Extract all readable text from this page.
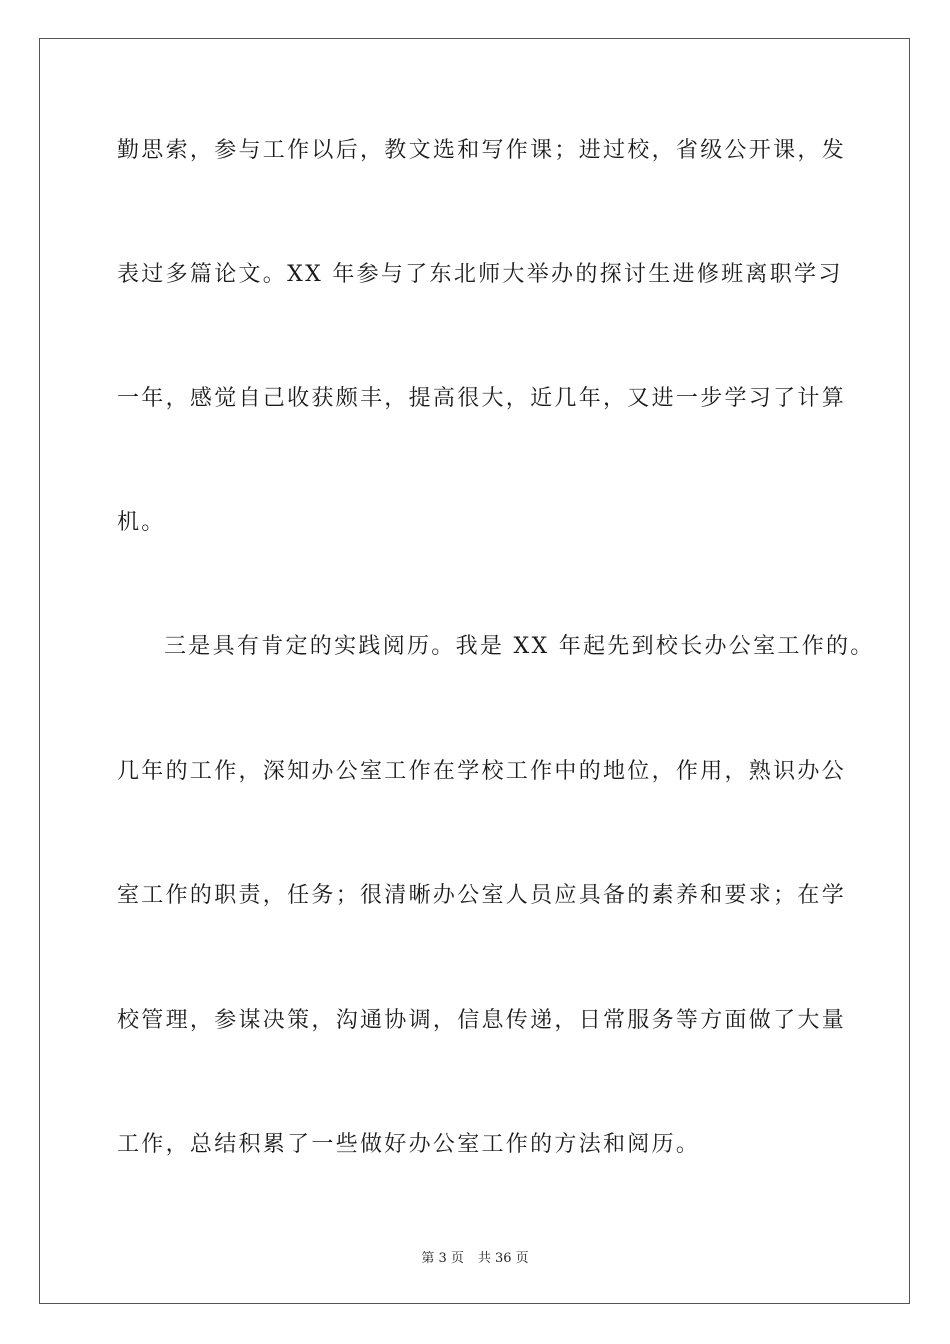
勤思索，参与工作以后，教文选和写作课；进过校，省级公开课，发
表过多篇论文。XX 年参与了东北师大举办的探讨生进修班离职学习
一年，感觉自己收获颇丰，提高很大，近几年，又进一步学习了计算
机。
三是具有肯定的实践阅历。我是 XX 年起先到校长办公室工作的。
几年的工作，深知办公室工作在学校工作中的地位，作用，熟识办公
室工作的职责，任务；很清晰办公室人员应具备的素养和要求；在学
校管理，参谋决策，沟通协调，信息传递，日常服务等方面做了大量
工作，总结积累了一些做好办公室工作的方法和阅历。
第 3 页 共 36 页
